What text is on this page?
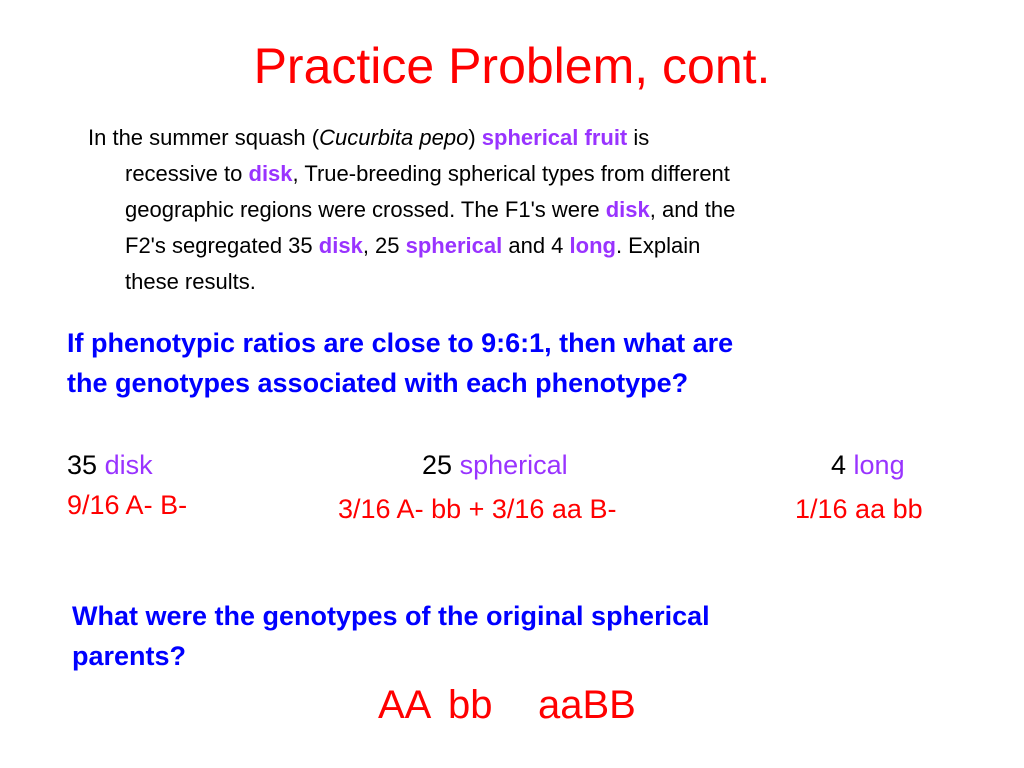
Practice Problem, cont.
In the summer squash (Cucurbita pepo) spherical fruit is
recessive to disk, True-breeding spherical types from different
geographic regions were crossed. The F1's were disk, and the
F2's segregated 35 disk, 25 spherical and 4 long. Explain
these results.
If phenotypic ratios are close to 9:6:1, then what are
the genotypes associated with each phenotype?
35 disk	25 spherical	4 long
9/16 A- B-	3/16 A- bb + 3/16 aa B-	1/16 aa bb
What were the genotypes of the original spherical
parents?
AA bb aaBB
